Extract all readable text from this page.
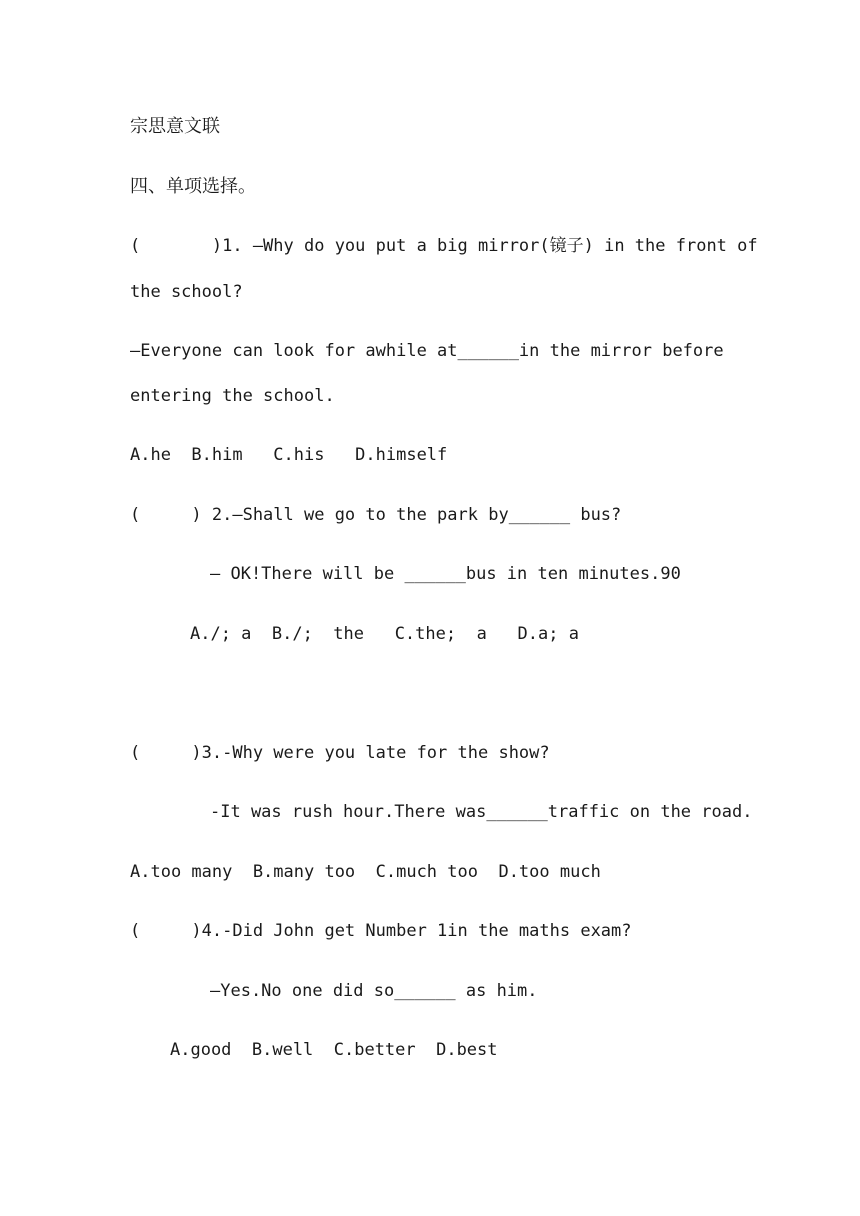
宗思意文联
四、单项选择。
(       )1. —Why do you put a big mirror(镜子) in the front of
the school?
—Everyone can look for awhile at______in the mirror before
entering the school.
A.he  B.him   C.his   D.himself
(     ) 2.—Shall we go to the park by______ bus?
— OK!There will be ______bus in ten minutes.90
A./; a  B./;  the   C.the;  a   D.a; a
(     )3.-Why were you late for the show?
-It was rush hour.There was______traffic on the road.
A.too many  B.many too  C.much too  D.too much
(     )4.-Did John get Number 1in the maths exam?
—Yes.No one did so______ as him.
A.good  B.well  C.better  D.best
